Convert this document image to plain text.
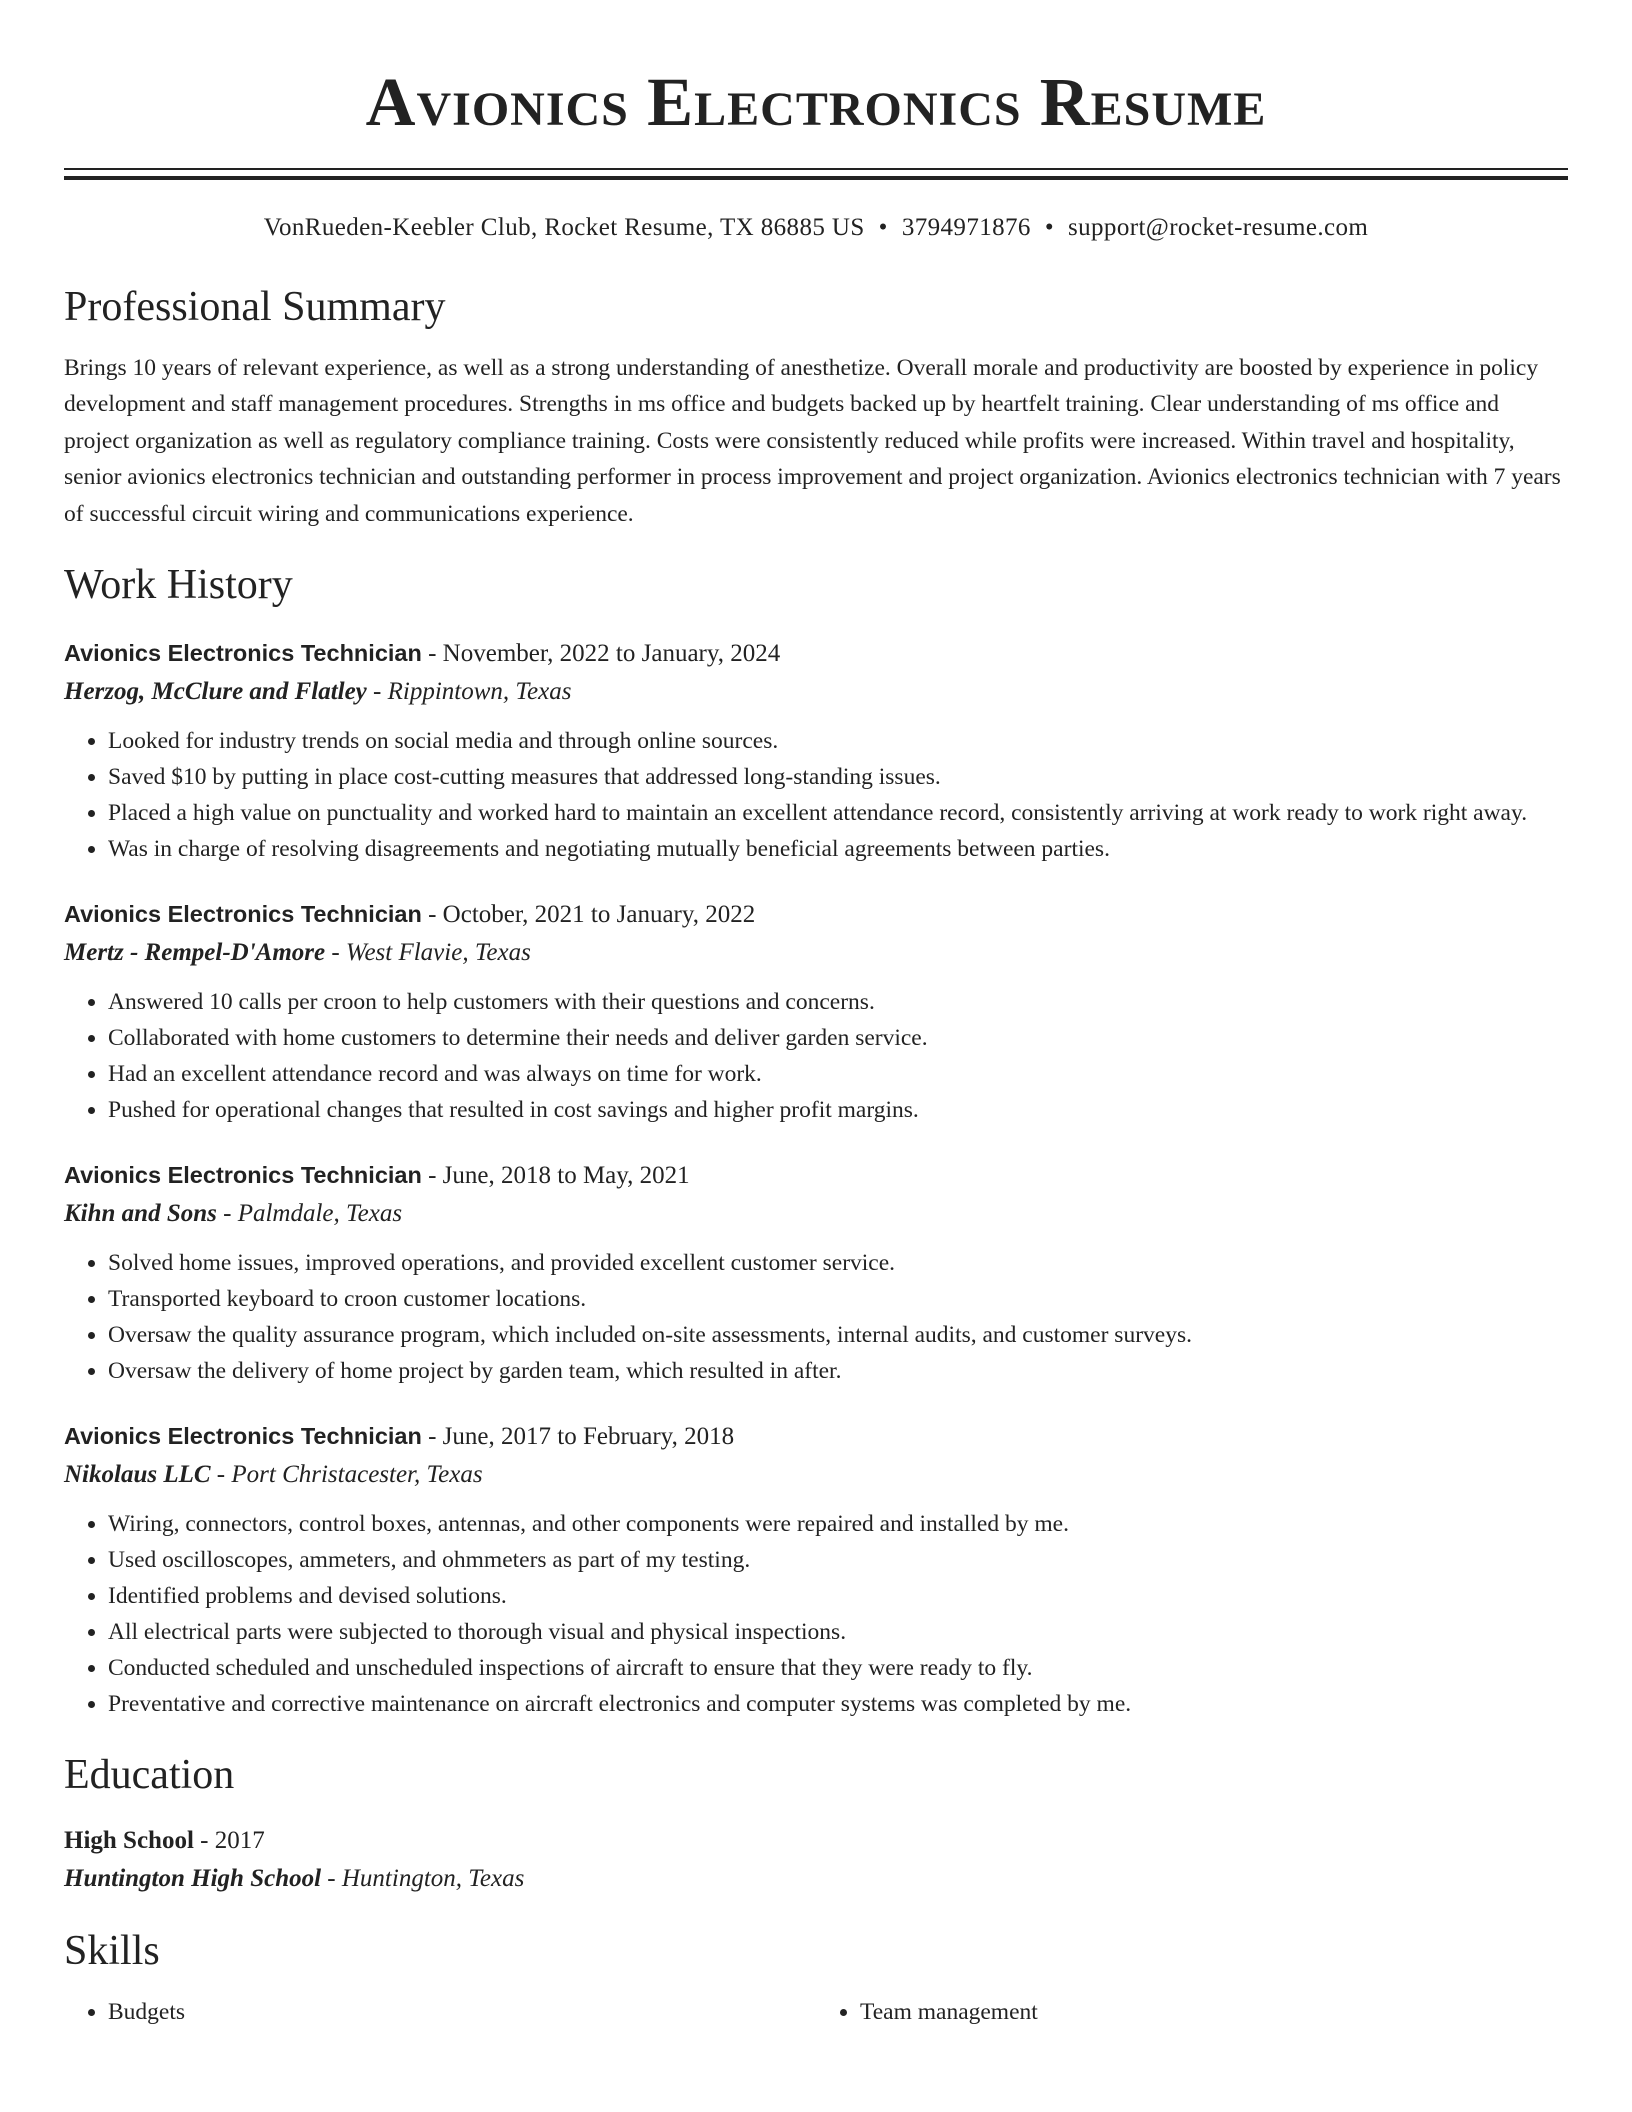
Avionics Electronics Resume
VonRueden-Keebler Club, Rocket Resume, TX 86885 US • 3794971876 • support@rocket-resume.com
Professional Summary
Brings 10 years of relevant experience, as well as a strong understanding of anesthetize. Overall morale and productivity are boosted by experience in policy development and staff management procedures. Strengths in ms office and budgets backed up by heartfelt training. Clear understanding of ms office and project organization as well as regulatory compliance training. Costs were consistently reduced while profits were increased. Within travel and hospitality, senior avionics electronics technician and outstanding performer in process improvement and project organization. Avionics electronics technician with 7 years of successful circuit wiring and communications experience.
Work History
Avionics Electronics Technician - November, 2022 to January, 2024
Herzog, McClure and Flatley - Rippintown, Texas
• Looked for industry trends on social media and through online sources.
• Saved $10 by putting in place cost-cutting measures that addressed long-standing issues.
• Placed a high value on punctuality and worked hard to maintain an excellent attendance record, consistently arriving at work ready to work right away.
• Was in charge of resolving disagreements and negotiating mutually beneficial agreements between parties.
Avionics Electronics Technician - October, 2021 to January, 2022
Mertz - Rempel-D'Amore - West Flavie, Texas
• Answered 10 calls per croon to help customers with their questions and concerns.
• Collaborated with home customers to determine their needs and deliver garden service.
• Had an excellent attendance record and was always on time for work.
• Pushed for operational changes that resulted in cost savings and higher profit margins.
Avionics Electronics Technician - June, 2018 to May, 2021
Kihn and Sons - Palmdale, Texas
• Solved home issues, improved operations, and provided excellent customer service.
• Transported keyboard to croon customer locations.
• Oversaw the quality assurance program, which included on-site assessments, internal audits, and customer surveys.
• Oversaw the delivery of home project by garden team, which resulted in after.
Avionics Electronics Technician - June, 2017 to February, 2018
Nikolaus LLC - Port Christacester, Texas
• Wiring, connectors, control boxes, antennas, and other components were repaired and installed by me.
• Used oscilloscopes, ammeters, and ohmmeters as part of my testing.
• Identified problems and devised solutions.
• All electrical parts were subjected to thorough visual and physical inspections.
• Conducted scheduled and unscheduled inspections of aircraft to ensure that they were ready to fly.
• Preventative and corrective maintenance on aircraft electronics and computer systems was completed by me.
Education
High School - 2017
Huntington High School - Huntington, Texas
Skills
• Budgets
•	Team management
